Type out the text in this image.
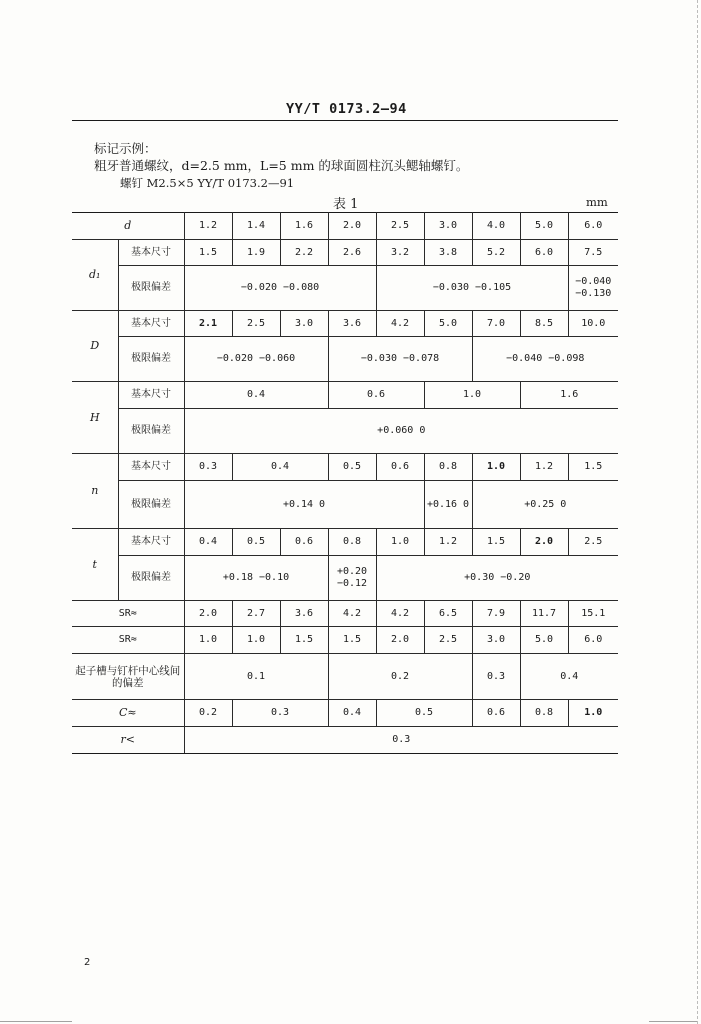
YY/T 0173.2—94
标记示例：
粗牙普通螺纹，d=2.5 mm，L=5 mm 的球面圆柱沉头鳃轴螺钉。
螺钉 M2.5×5 YY/T 0173.2—91
表 1	mm
d		1.2	1.4	1.6	2.0	2.5	3.0	4.0	5.0	6.0
d₁	基本尺寸	1.5	1.9	2.2	2.6	3.2	3.8	5.2	6.0	7.5
	极限偏差	−0.020 −0.080				−0.030 −0.105				−0.040 −0.130
D	基本尺寸	2.1	2.5	3.0	3.6	4.2	5.0	7.0	8.5	10.0
	极限偏差	−0.020 −0.060			−0.030 −0.078			−0.040 −0.098		
H	基本尺寸	0.4			0.6		1.0		1.6	
	极限偏差	+0.060 0								
n	基本尺寸	0.3	0.4		0.5	0.6	0.8	1.0	1.2	1.5
	极限偏差	+0.14 0					+0.16 0	+0.25 0		
t	基本尺寸	0.4	0.5	0.6	0.8	1.0	1.2	1.5	2.0	2.5
	极限偏差	+0.18 −0.10			+0.20 −0.12	+0.30 −0.20				
SR≈		2.0	2.7	3.6	4.2	4.2	6.5	7.9	11.7	15.1
SR≈		1.0	1.0	1.5	1.5	2.0	2.5	3.0	5.0	6.0
起子槽与钉杆中心线间的偏差		0.1			0.2			0.3	0.4	
C≈		0.2	0.3		0.4	0.5		0.6	0.8	1.0
r<		0.3								
2
